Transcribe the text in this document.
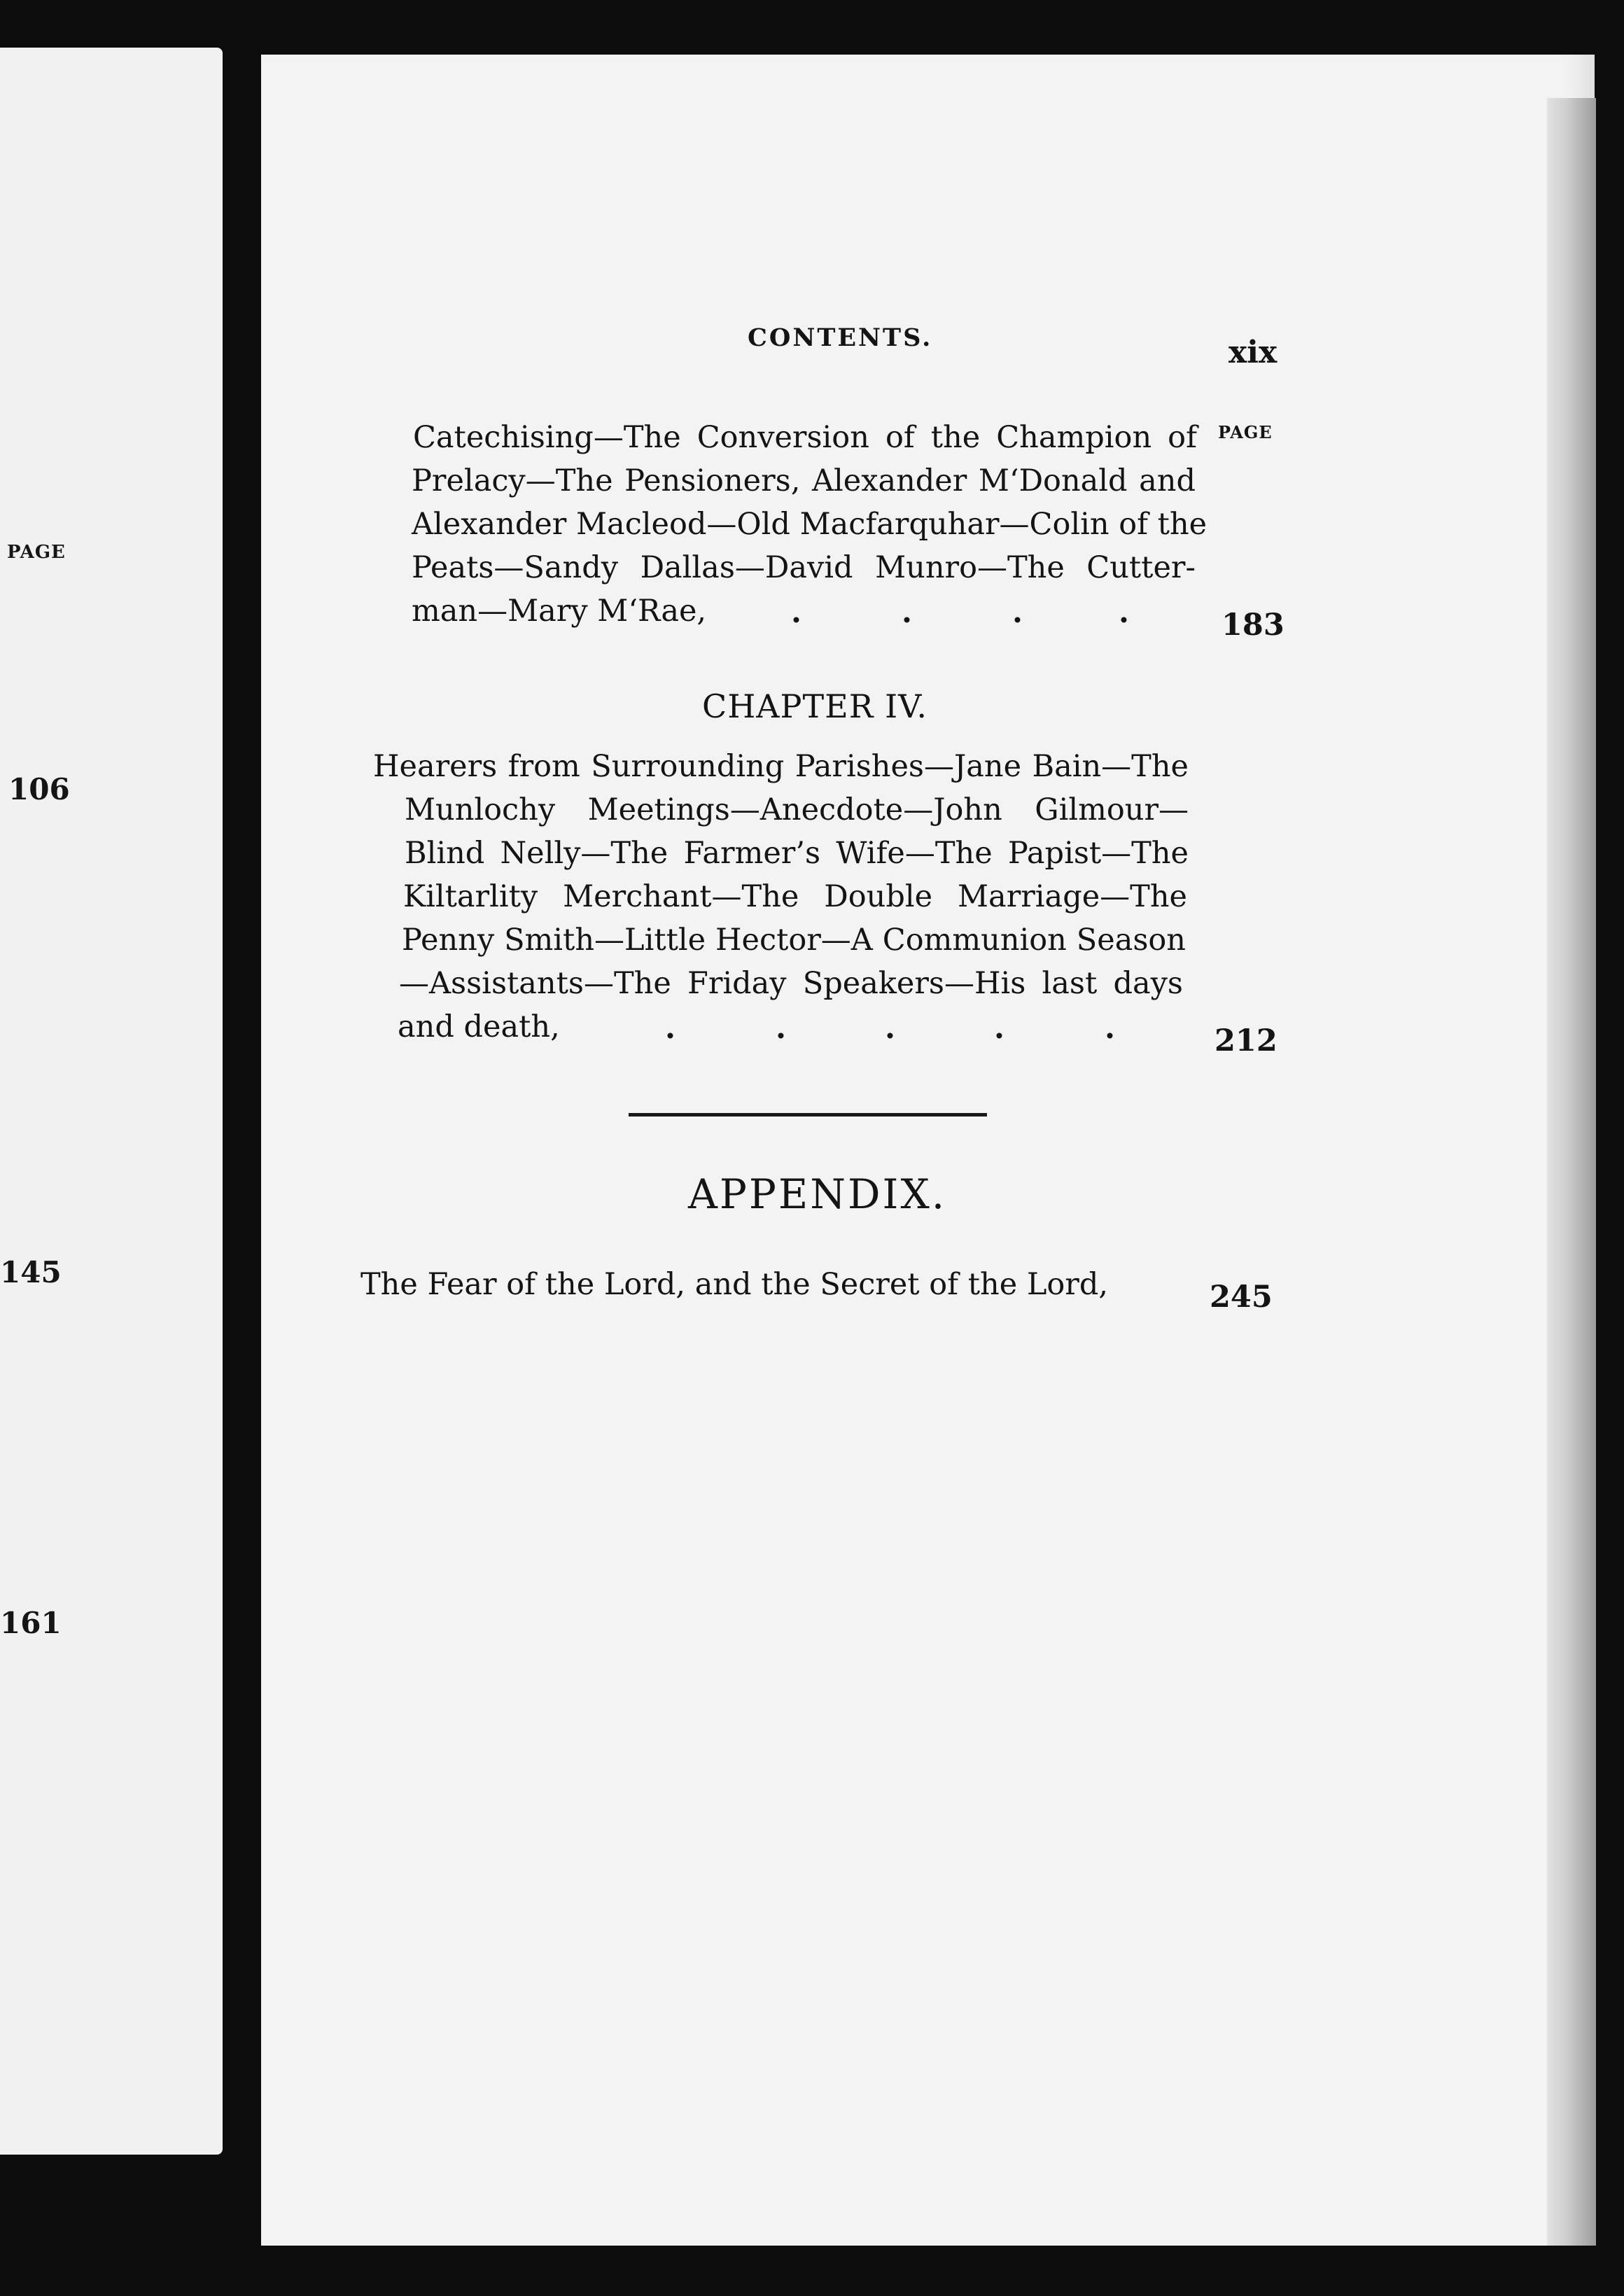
PAGE
106
145
161
CONTENTS.	xix
PAGE
Catechising—The Conversion of the Champion of
Prelacy—The Pensioners, Alexander M‘Donald and
Alexander Macleod—Old Macfarquhar—Colin of the
Peats—Sandy Dallas—David Munro—The Cutter-
man—Mary M‘Rae,	.	.	.	.	183
CHAPTER IV.
Hearers from Surrounding Parishes—Jane Bain—The
Munlochy Meetings—Anecdote—John Gilmour—
Blind Nelly—The Farmer’s Wife—The Papist—The
Kiltarlity Merchant—The Double Marriage—The
Penny Smith—Little Hector—A Communion Season
—Assistants—The Friday Speakers—His last days
and death,	.	.	.	.	.	212
APPENDIX.
The Fear of the Lord, and the Secret of the Lord,	245
